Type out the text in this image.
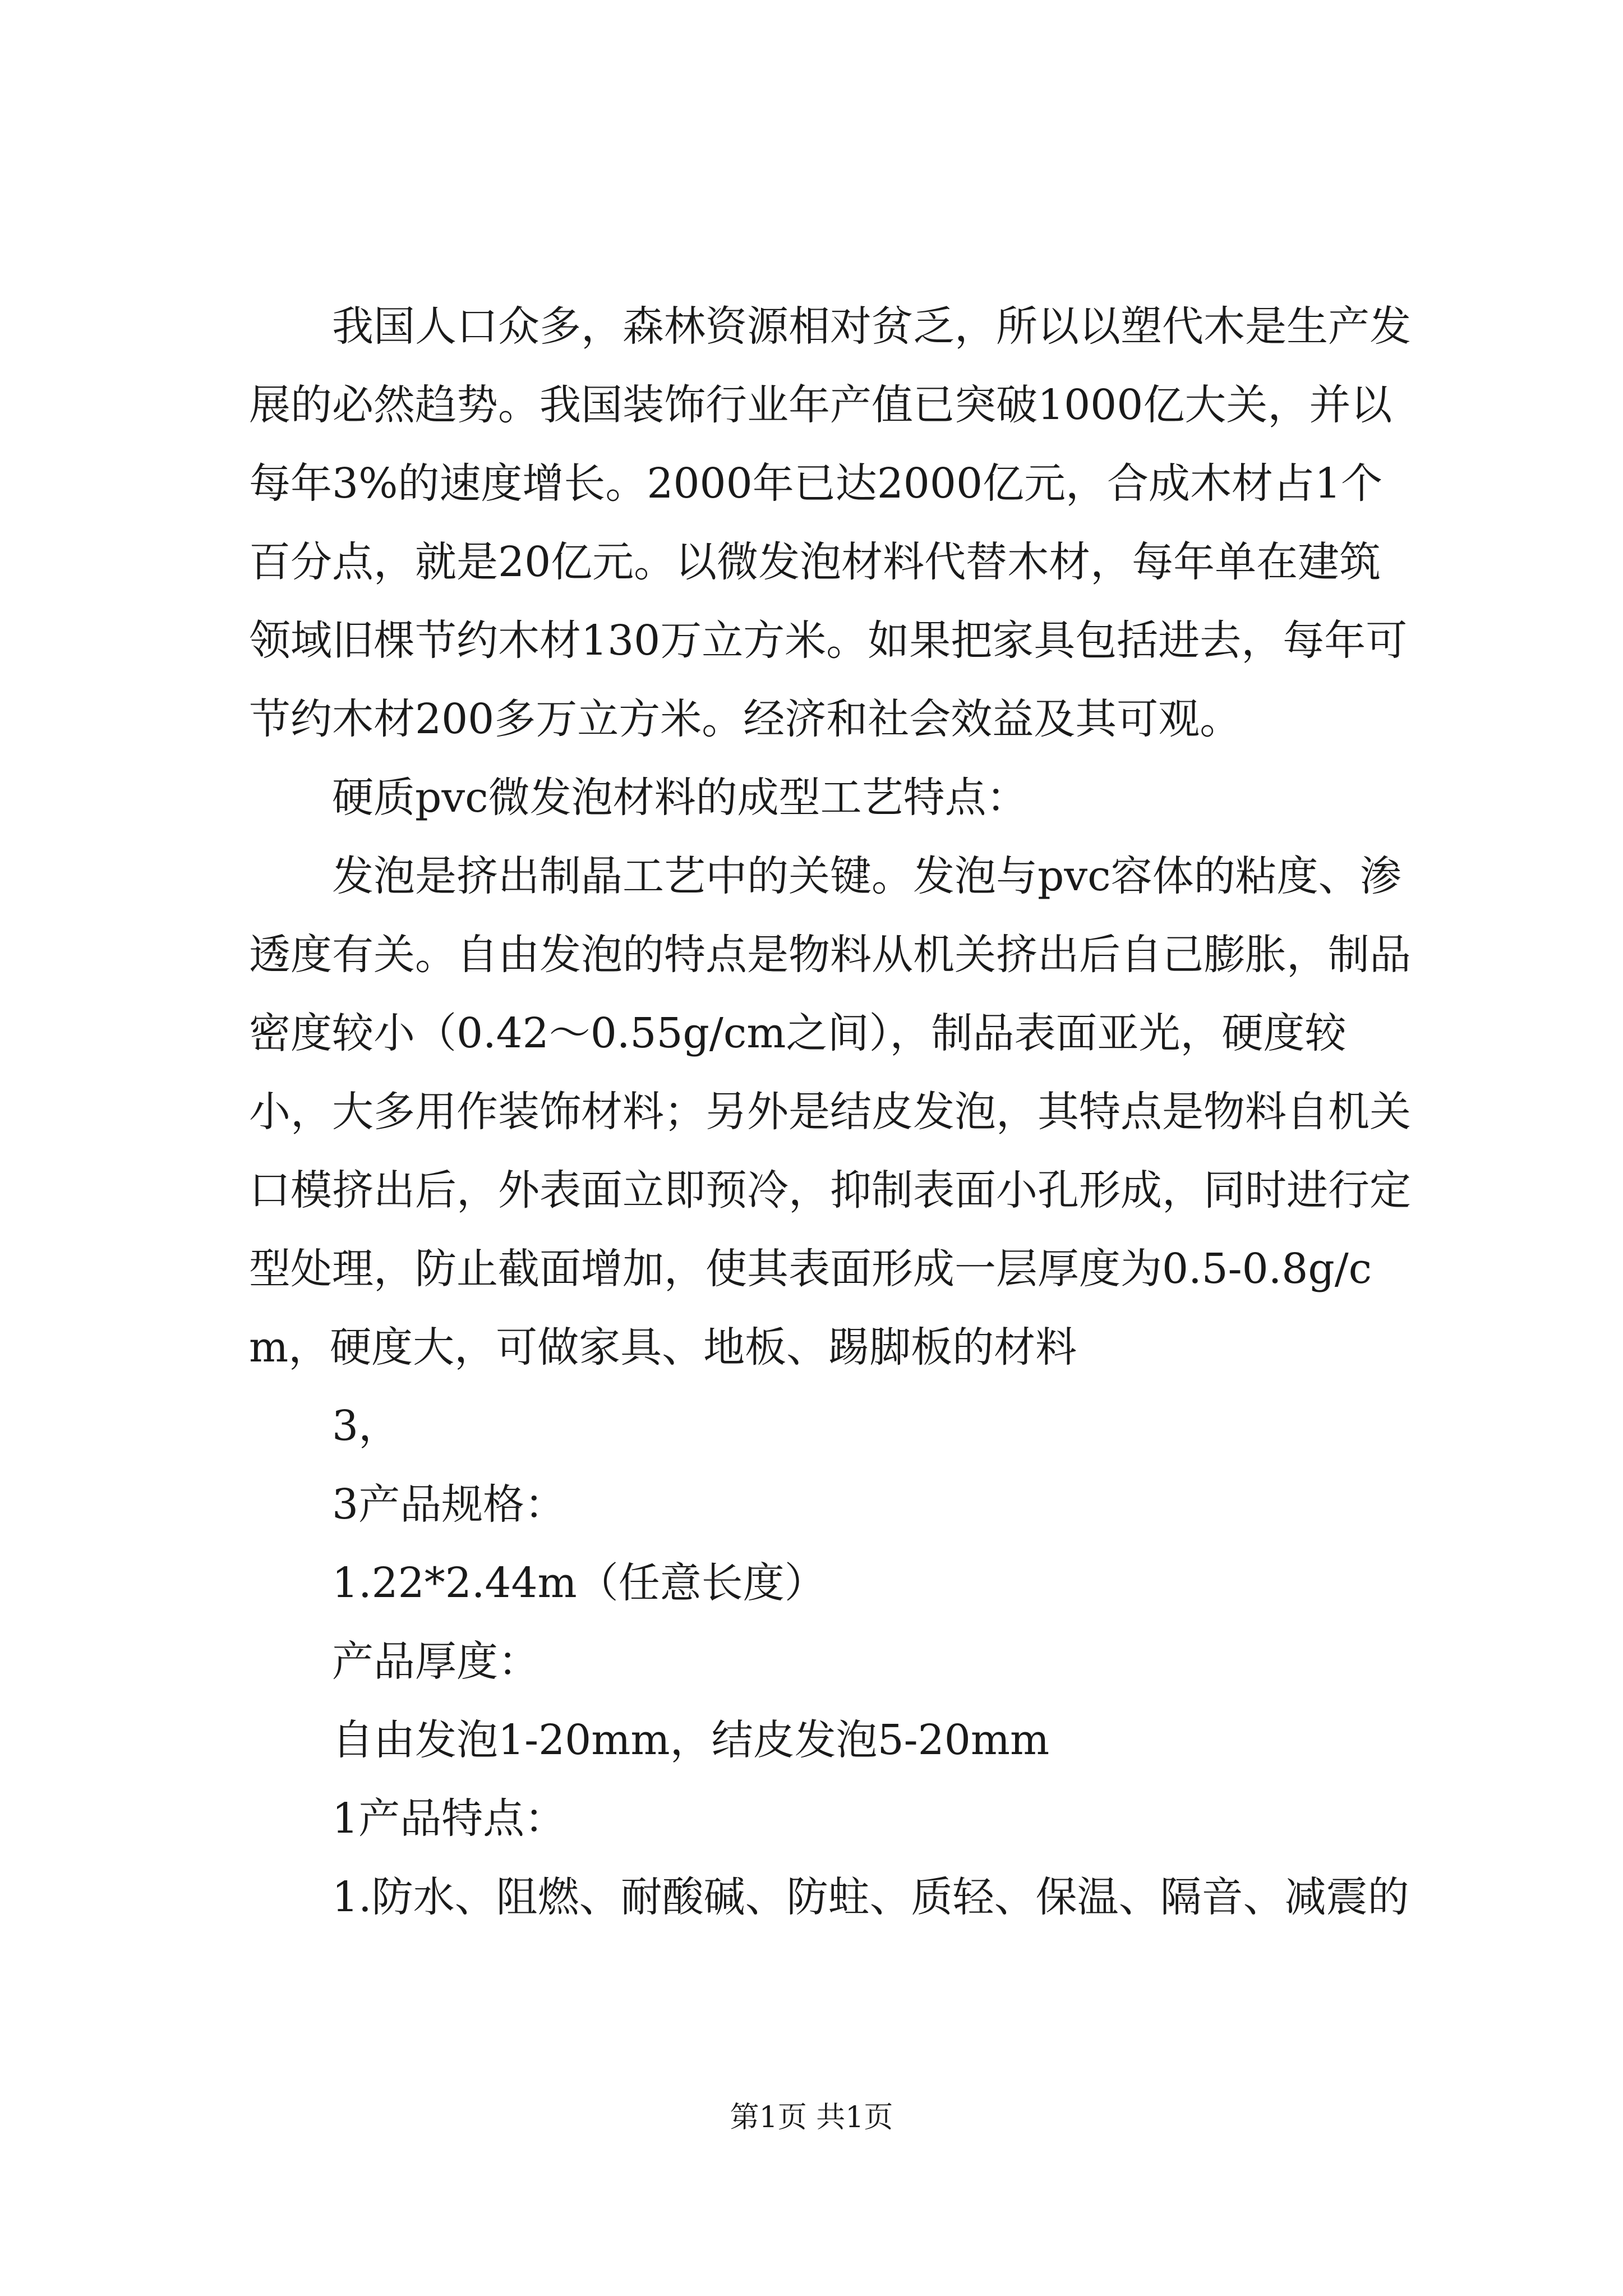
我国人口众多，森林资源相对贫乏，所以以塑代木是生产发展的必然趋势。我国装饰行业年产值已突破1000亿大关，并以每年3%的速度增长。2000年已达2000亿元，合成木材占1个百分点，就是20亿元。以微发泡材料代替木材，每年单在建筑领域旧棵节约木材130万立方米。如果把家具包括进去，每年可节约木材200多万立方米。经济和社会效益及其可观。

硬质pvc微发泡材料的成型工艺特点：

发泡是挤出制晶工艺中的关键。发泡与pvc容体的粘度、渗透度有关。自由发泡的特点是物料从机关挤出后自己膨胀，制品密度较小（0.42～0.55g/cm之间），制品表面亚光，硬度较小，大多用作装饰材料；另外是结皮发泡，其特点是物料自机关口模挤出后，外表面立即预冷，抑制表面小孔形成，同时进行定型处理，防止截面增加，使其表面形成一层厚度为0.5-0.8g/cm，硬度大，可做家具、地板、踢脚板的材料

3，

3产品规格：

1.22*2.44m（任意长度）

产品厚度：

自由发泡1-20mm，结皮发泡5-20mm

1产品特点：

1.防水、阻燃、耐酸碱、防蛀、质轻、保温、隔音、减震的

第1页 共1页
